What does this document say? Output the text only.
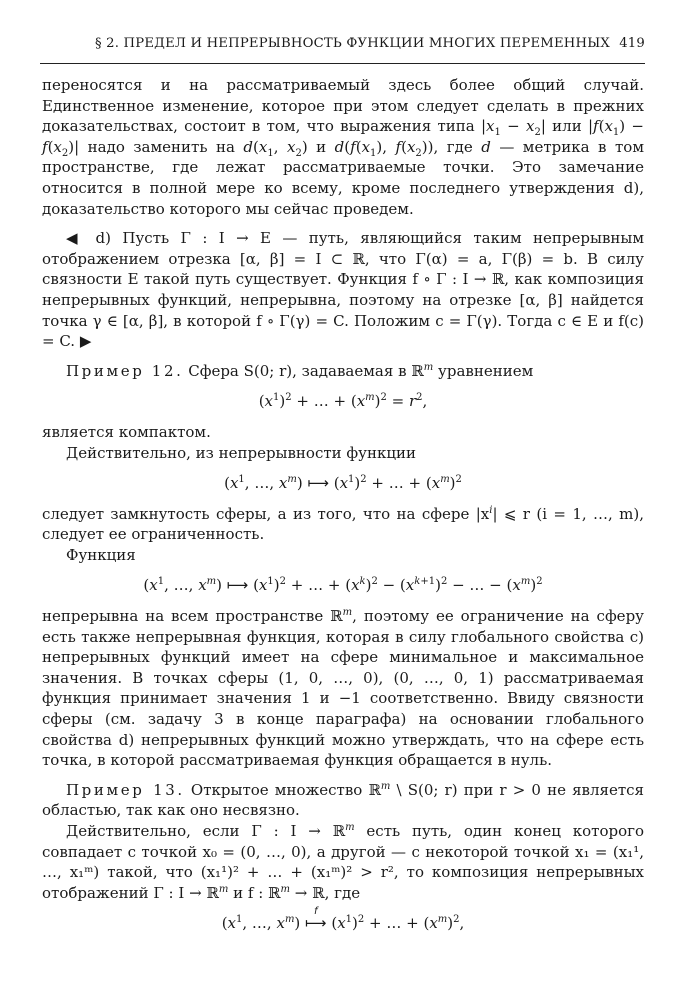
§ 2. ПРЕДЕЛ И НЕПРЕРЫВНОСТЬ ФУНКЦИИ МНОГИХ ПЕРЕМЕННЫХ 419

переносятся и на рассматриваемый здесь более общий случай. Единственное изменение, которое при этом следует сделать в прежних доказательствах, состоит в том, что выражения типа $|x_1 - x_2|$ или $|f(x_1) - f(x_2)|$ надо заменить на $d(x_1$, $x_2$) и $d(f(x_1)$, $f(x_2)$), где d — метрика в том пространстве, где лежат рассматриваемые точки. Это замечание относится в полной мере ко всему, кроме последнего утверждения d), доказательство которого мы сейчас проведем.

◀ d) Пусть Γ : I → E — путь, являющийся таким непрерывным отображением отрезка [α, β] = I ⊂ ℝ, что Γ(α) = a, Γ(β) = b. В силу связности E такой путь существует. Функция f ∘ Γ : I → ℝ, как композиция непрерывных функций, непрерывна, поэтому на отрезке [α, β] найдется точка γ ∈ [α, β], в которой f ∘ Γ(γ) = C. Положим c = Γ(γ). Тогда c ∈ E и f(c) = C. ▶

Пример 12. Сфера S(0; r), задаваемая в ℝ$^m$ уравнением

$(x^1)^2$ + … + $(x^m)^2 = r^2$,

является компактом.

Действительно, из непрерывности функции

($x^1$, …, $x^m$) ⟼ $(x^1)^2$ + … + $(x^m)^2$

следует замкнутость сферы, а из того, что на сфере $|x^i|$ ⩽ r (i = 1, …, m), следует ее ограниченность.

Функция

($x^1$, …, $x^m$) ⟼ $(x^1)^2$ + … + $(x^k)^2 - (x^{k+1})^2$ − … − $(x^m)^2$

непрерывна на всем пространстве ℝ$^m$, поэтому ее ограничение на сферу есть также непрерывная функция, которая в силу глобального свойства c) непрерывных функций имеет на сфере минимальное и максимальное значения. В точках сферы (1, 0, …, 0), (0, …, 0, 1) рассматриваемая функция принимает значения 1 и −1 соответственно. Ввиду связности сферы (см. задачу 3 в конце параграфа) на основании глобального свойства d) непрерывных функций можно утверждать, что на сфере есть точка, в которой рассматриваемая функция обращается в нуль.

Пример 13. Открытое множество ℝ$^m$ \ S(0; r) при r > 0 не является областью, так как оно несвязно.

Действительно, если Γ : I → ℝ$^m$ есть путь, один конец которого совпадает с точкой x₀ = (0, …, 0), а другой — с некоторой точкой x₁ = (x₁¹, …, x₁ᵐ) такой, что (x₁¹)² + … + (x₁ᵐ)² > r², то композиция непрерывных отображений Γ : I → ℝ$^m$ и f : ℝ$^m$ → ℝ, где

($x^1$, …, $x^m$)
f
⟼ $(x^1)^2$ + … + $(x^m)^2$,
